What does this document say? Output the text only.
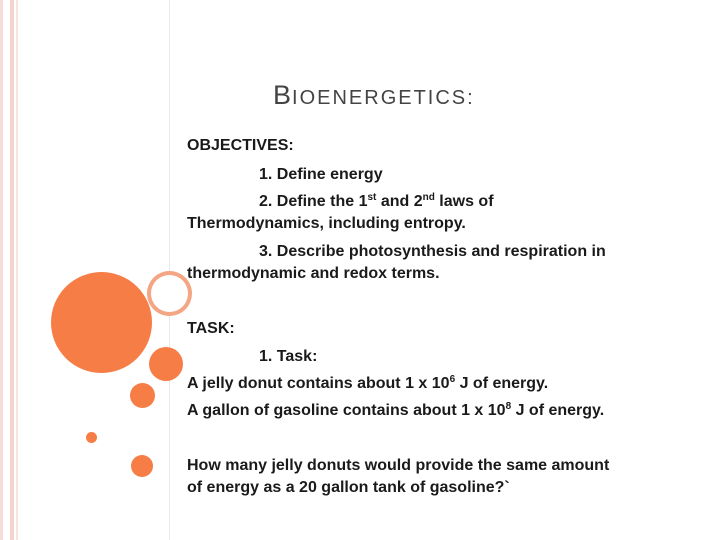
BIOENERGETICS:

OBJECTIVES:

1. Define energy

2. Define the 1st and 2nd laws of

Thermodynamics, including entropy.

3. Describe photosynthesis and respiration in

thermodynamic and redox terms.

TASK:

1. Task:

A jelly donut contains about 1 x $10^6$ J of energy.

A gallon of gasoline contains about 1 x $10^8$ J of energy.

How many jelly donuts would provide the same amount

of energy as a 20 gallon tank of gasoline?`
